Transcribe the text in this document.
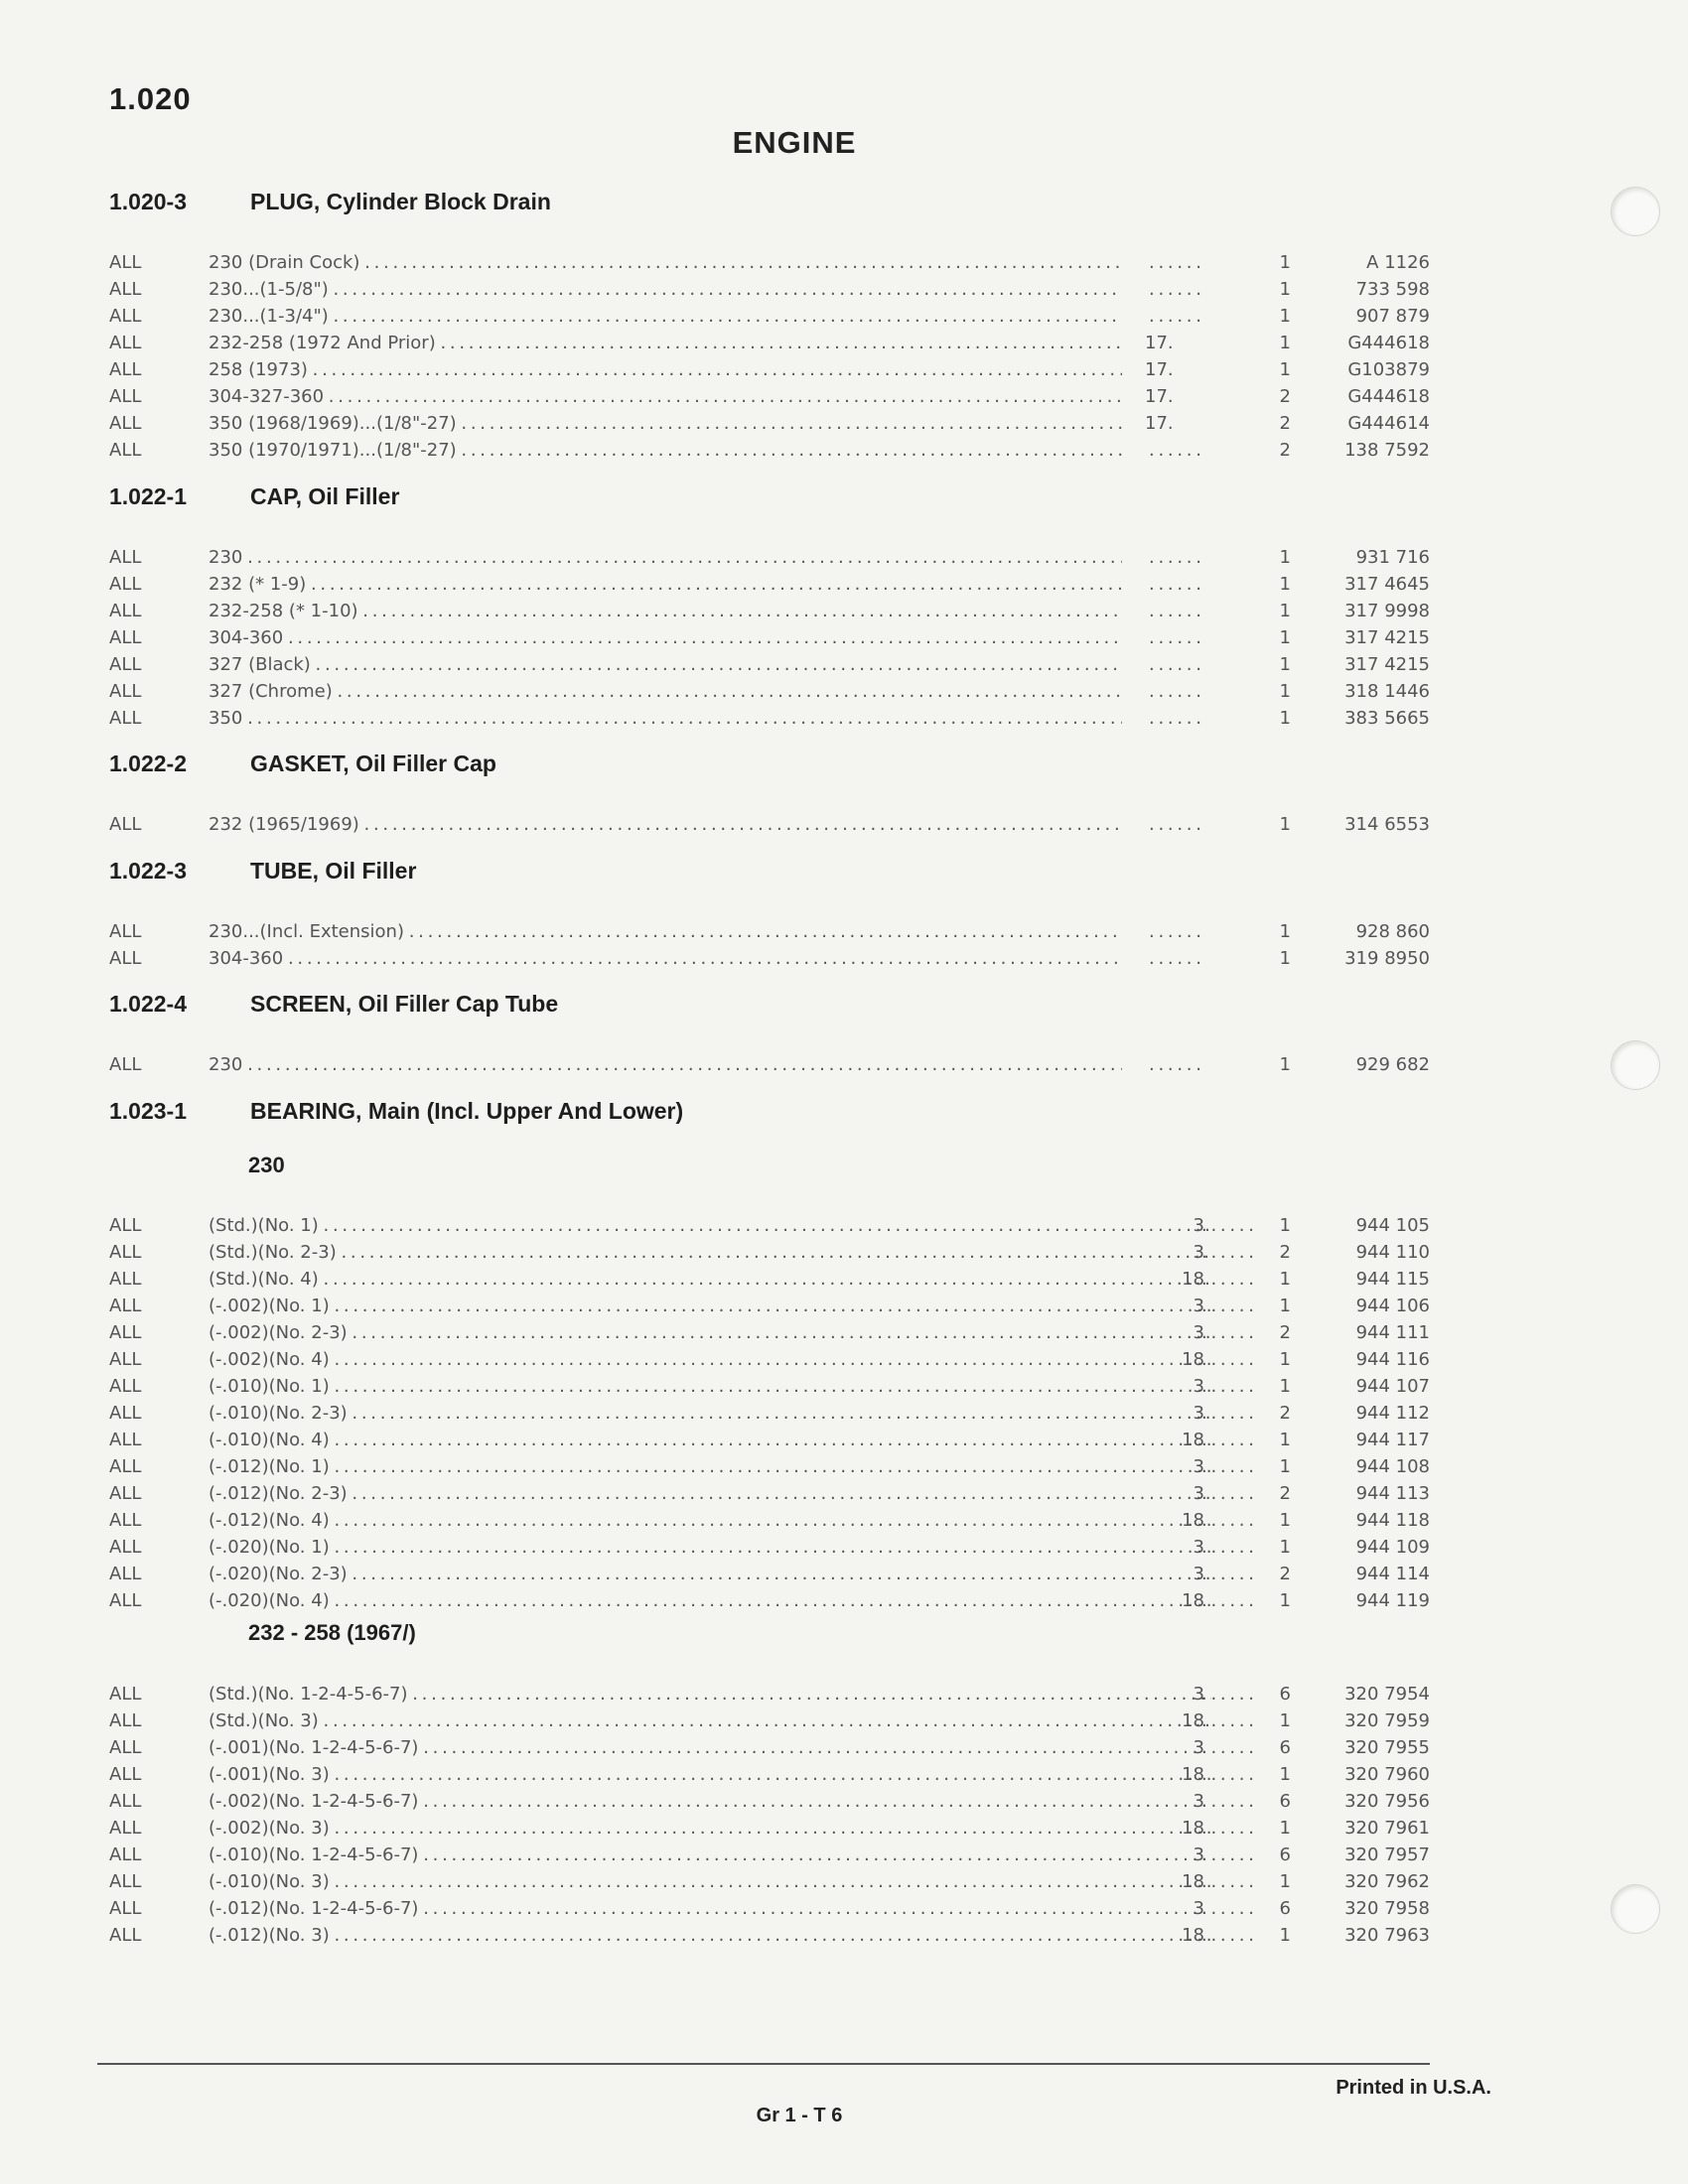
1.020
ENGINE
1.020-3	PLUG, Cylinder Block Drain
ALL	230 (Drain Cock) . . . . . .	1	A 1126
ALL	230...(1-5/8") . . . . . .	1	733 598
ALL	230...(1-3/4") . . . . . .	1	907 879
ALL	232-258 (1972 And Prior) . . .	17.	1	G444618
ALL	258 (1973) . . .	17.	1	G103879
ALL	304-327-360 . . .	17.	2	G444618
ALL	350 (1968/1969)...(1/8"-27) . . .	17.	2	G444614
ALL	350 (1970/1971)...(1/8"-27) . . . . . .	2	138 7592
1.022-1	CAP, Oil Filler
ALL	230 . . . . . .	1	931 716
ALL	232 (* 1-9) . . . . . .	1	317 4645
ALL	232-258 (* 1-10) . . . . . .	1	317 9998
ALL	304-360 . . . . . .	1	317 4215
ALL	327 (Black) . . . . . .	1	317 4215
ALL	327 (Chrome) . . . . . .	1	318 1446
ALL	350 . . . . . .	1	383 5665
1.022-2	GASKET, Oil Filler Cap
ALL	232 (1965/1969) . . . . . .	1	314 6553
1.022-3	TUBE, Oil Filler
ALL	230...(Incl. Extension) . . . . . .	1	928 860
ALL	304-360 . . . . . .	1	319 8950
1.022-4	SCREEN, Oil Filler Cap Tube
ALL	230 . . . . . .	1	929 682
1.023-1	BEARING, Main (Incl. Upper And Lower)
230
ALL	(Std.)(No. 1) . . .	3 . . .	1	944 105
ALL	(Std.)(No. 2-3) . . .	3 . . .	2	944 110
ALL	(Std.)(No. 4) . . .	18 . . .	1	944 115
ALL	(-.002)(No. 1) . . .	3 . . .	1	944 106
ALL	(-.002)(No. 2-3) . . .	3 . . .	2	944 111
ALL	(-.002)(No. 4) . . .	18 . . .	1	944 116
ALL	(-.010)(No. 1) . . .	3 . . .	1	944 107
ALL	(-.010)(No. 2-3) . . .	3 . . .	2	944 112
ALL	(-.010)(No. 4) . . .	18 . . .	1	944 117
ALL	(-.012)(No. 1) . . .	3 . . .	1	944 108
ALL	(-.012)(No. 2-3) . . .	3 . . .	2	944 113
ALL	(-.012)(No. 4) . . .	18 . . .	1	944 118
ALL	(-.020)(No. 1) . . .	3 . . .	1	944 109
ALL	(-.020)(No. 2-3) . . .	3 . . .	2	944 114
ALL	(-.020)(No. 4) . . .	18 . . .	1	944 119
232 - 258 (1967/)
ALL	(Std.)(No. 1-2-4-5-6-7) . . .	3 . . .	6	320 7954
ALL	(Std.)(No. 3) . . .	18 . . .	1	320 7959
ALL	(-.001)(No. 1-2-4-5-6-7) . . .	3 . . .	6	320 7955
ALL	(-.001)(No. 3) . . .	18 . . .	1	320 7960
ALL	(-.002)(No. 1-2-4-5-6-7) . . .	3 . . .	6	320 7956
ALL	(-.002)(No. 3) . . .	18 . . .	1	320 7961
ALL	(-.010)(No. 1-2-4-5-6-7) . . .	3 . . .	6	320 7957
ALL	(-.010)(No. 3) . . .	18 . . .	1	320 7962
ALL	(-.012)(No. 1-2-4-5-6-7) . . .	3 . . .	6	320 7958
ALL	(-.012)(No. 3) . . .	18 . . .	1	320 7963
Printed in U.S.A.
Gr 1 - T 6
